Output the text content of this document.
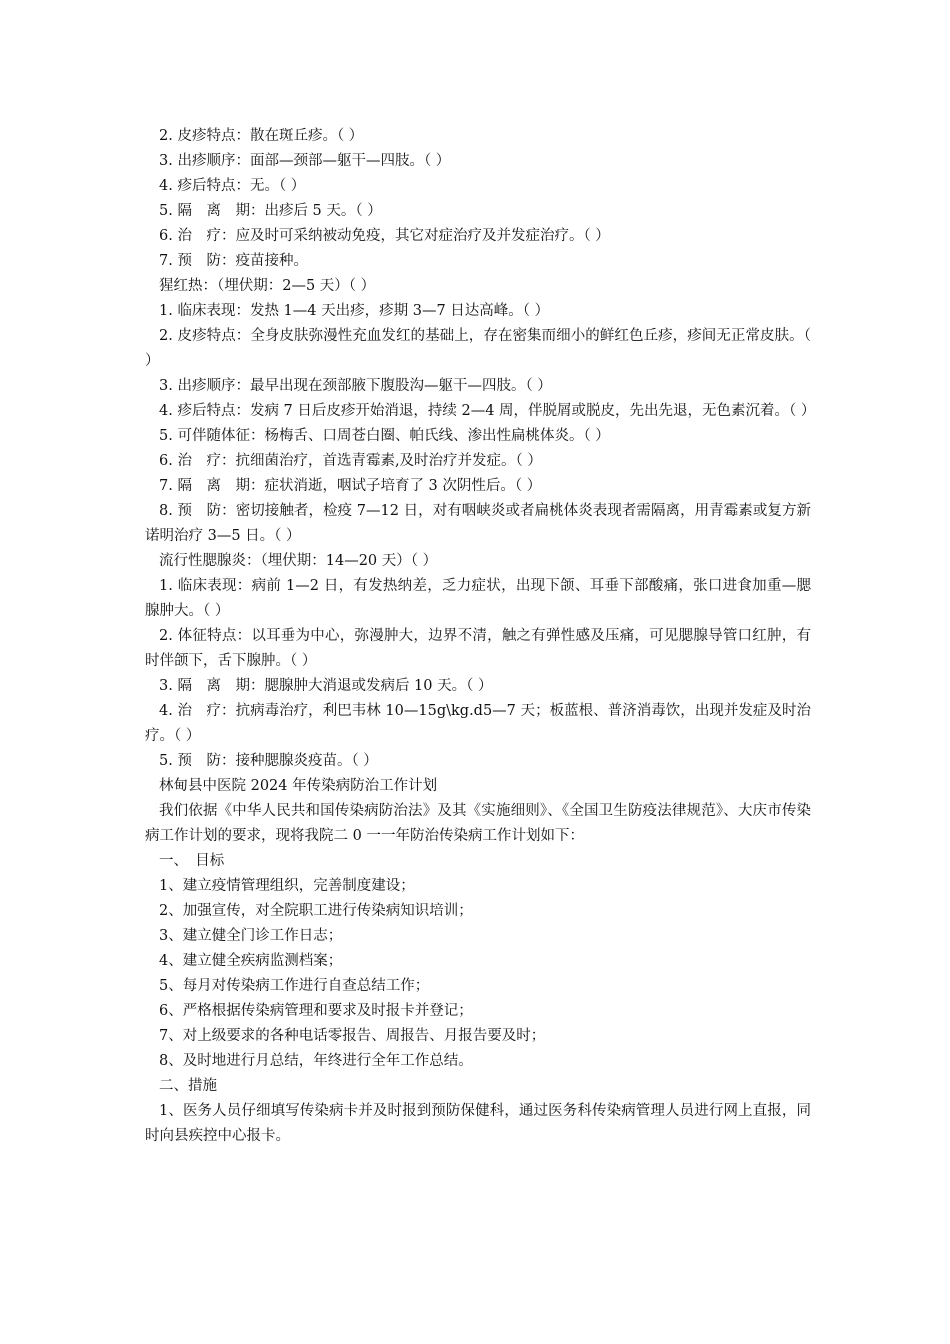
2. 皮疹特点：散在斑丘疹。（ ）

3. 出疹顺序：面部—颈部—躯干—四肢。（ ）

4. 疹后特点：无。（ ）

5. 隔　离　期：出疹后 5 天。（ ）

6. 治　疗：应及时可采纳被动免疫，其它对症治疗及并发症治疗。（ ）

7. 预　防：疫苗接种。

猩红热：（埋伏期：2—5 天）（ ）

1. 临床表现：发热 1—4 天出疹，疹期 3—7 日达高峰。（ ）

2. 皮疹特点：全身皮肤弥漫性充血发红的基础上，存在密集而细小的鲜红色丘疹，疹间无正常皮肤。（ ）

3. 出疹顺序：最早出现在颈部腋下腹股沟—躯干—四肢。（ ）

4. 疹后特点：发病 7 日后皮疹开始消退，持续 2—4 周，伴脱屑或脱皮，先出先退，无色素沉着。（ ）

5. 可伴随体征：杨梅舌、口周苍白圈、帕氏线、渗出性扁桃体炎。（ ）

6. 治　疗：抗细菌治疗，首选青霉素,及时治疗并发症。（ ）

7. 隔　离　期：症状消逝，咽试子培育了 3 次阴性后。（ ）

8. 预　防：密切接触者，检疫 7—12 日，对有咽峡炎或者扁桃体炎表现者需隔离，用青霉素或复方新诺明治疗 3—5 日。（ ）

流行性腮腺炎：（埋伏期：14—20 天）（ ）

1. 临床表现：病前 1—2 日，有发热纳差，乏力症状，出现下颌、耳垂下部酸痛，张口进食加重—腮腺肿大。（ ）

2. 体征特点：以耳垂为中心，弥漫肿大，边界不清，触之有弹性感及压痛，可见腮腺导管口红肿，有时伴颌下，舌下腺肿。（ ）

3. 隔　离　期：腮腺肿大消退或发病后 10 天。（ ）

4. 治　疗：抗病毒治疗，利巴韦林 10—15g\kg.d5—7 天；板蓝根、普济消毒饮，出现并发症及时治疗。（ ）

5. 预　防：接种腮腺炎疫苗。（ ）

林甸县中医院 2024 年传染病防治工作计划

我们依据《中华人民共和国传染病防治法》及其《实施细则》、《全国卫生防疫法律规范》、大庆市传染病工作计划的要求，现将我院二 0 一一年防治传染病工作计划如下：

一、　目标

1、建立疫情管理组织，完善制度建设；

2、加强宣传，对全院职工进行传染病知识培训；

3、建立健全门诊工作日志；

4、建立健全疾病监测档案；

5、每月对传染病工作进行自查总结工作；

6、严格根据传染病管理和要求及时报卡并登记；

7、对上级要求的各种电话零报告、周报告、月报告要及时；

8、及时地进行月总结，年终进行全年工作总结。

二、措施

1、医务人员仔细填写传染病卡并及时报到预防保健科，通过医务科传染病管理人员进行网上直报，同时向县疾控中心报卡。
